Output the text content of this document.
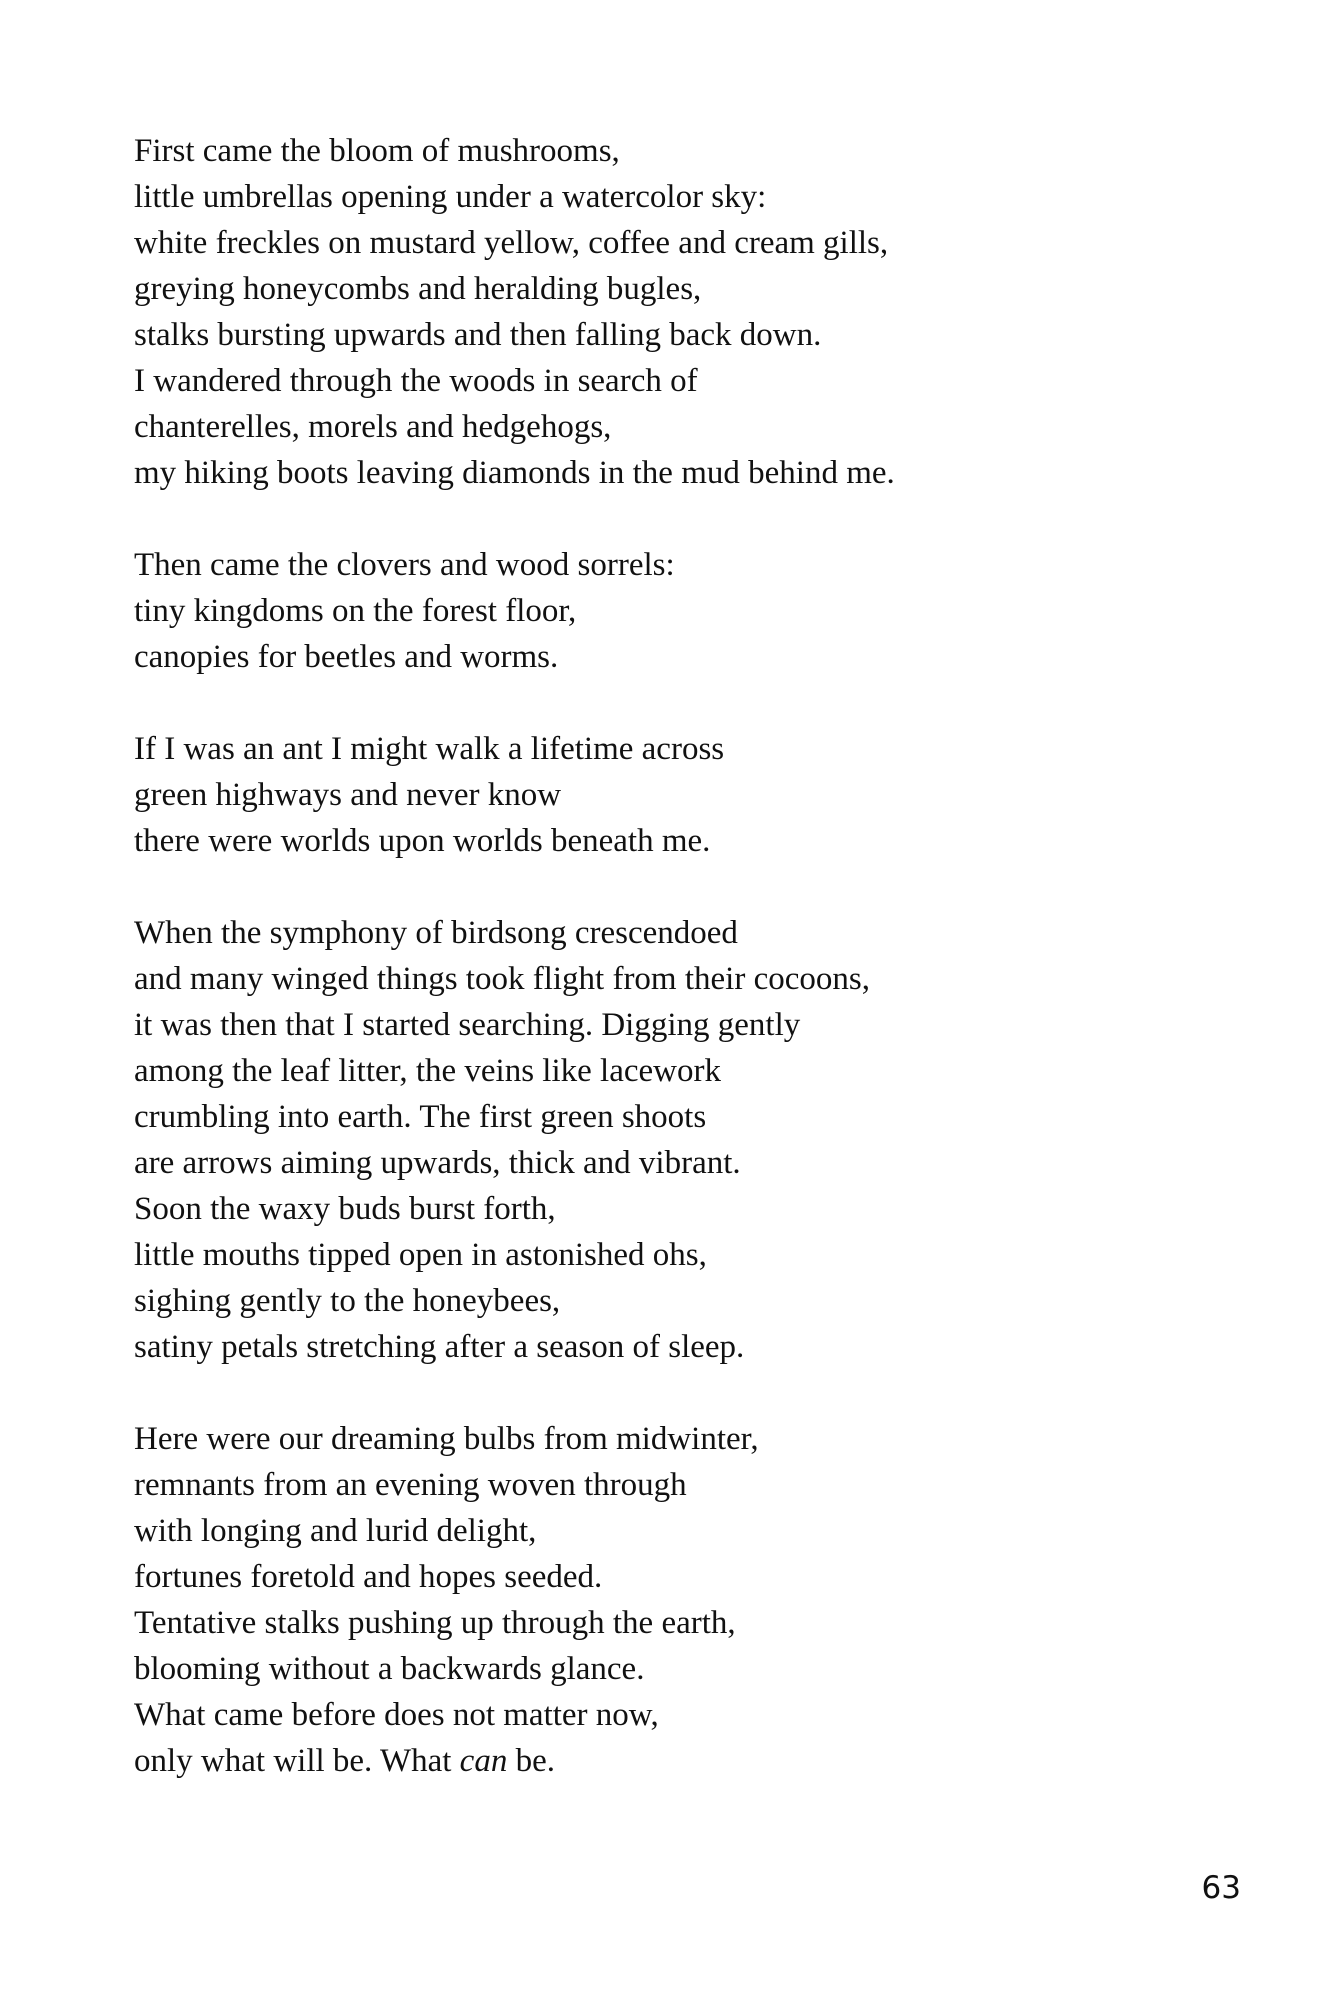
First came the bloom of mushrooms,
little umbrellas opening under a watercolor sky:
white freckles on mustard yellow, coffee and cream gills,
greying honeycombs and heralding bugles,
stalks bursting upwards and then falling back down.
I wandered through the woods in search of
chanterelles, morels and hedgehogs,
my hiking boots leaving diamonds in the mud behind me.
Then came the clovers and wood sorrels:
tiny kingdoms on the forest floor,
canopies for beetles and worms.
If I was an ant I might walk a lifetime across
green highways and never know
there were worlds upon worlds beneath me.
When the symphony of birdsong crescendoed
and many winged things took flight from their cocoons,
it was then that I started searching. Digging gently
among the leaf litter, the veins like lacework
crumbling into earth. The first green shoots
are arrows aiming upwards, thick and vibrant.
Soon the waxy buds burst forth,
little mouths tipped open in astonished ohs,
sighing gently to the honeybees,
satiny petals stretching after a season of sleep.
Here were our dreaming bulbs from midwinter,
remnants from an evening woven through
with longing and lurid delight,
fortunes foretold and hopes seeded.
Tentative stalks pushing up through the earth,
blooming without a backwards glance.
What came before does not matter now,
only what will be. What can be.
63
